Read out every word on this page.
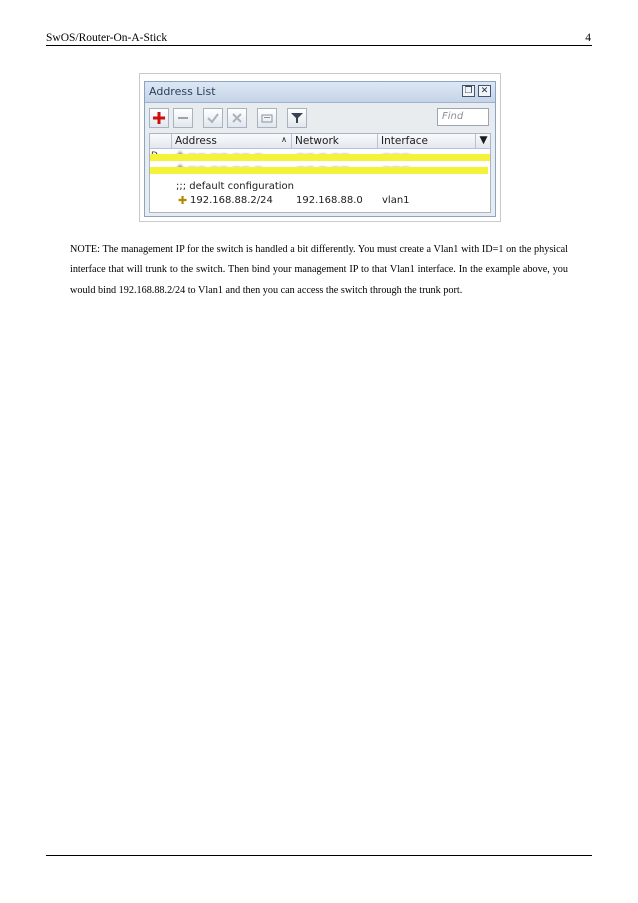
SwOS/Router-On-A-Stick	4
Address List	❐ ✕
Find
Address	∧ Network	Interface	▼
;;; default configuration
✚ 192.168.88.2/24 192.168.88.0 vlan1

NOTE: The management IP for the switch is handled a bit differently. You must create a Vlan1 with ID=1 on the physical interface that will trunk to the switch. Then bind your management IP to that Vlan1 interface. In the example above, you would bind 192.168.88.2/24 to Vlan1 and then you can access the switch through the trunk port.
